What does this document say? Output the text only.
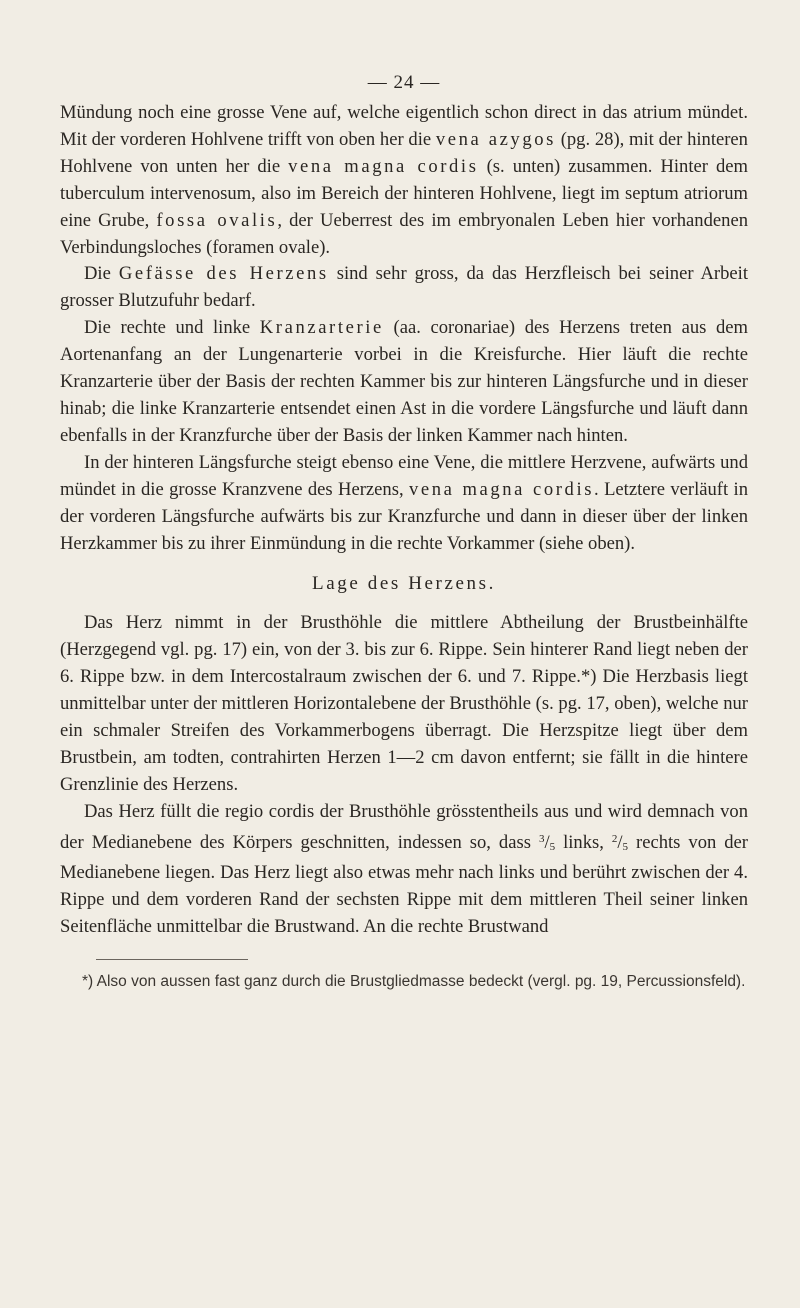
— 24 —

Mündung noch eine grosse Vene auf, welche eigentlich schon direct in das atrium mündet. Mit der vorderen Hohlvene trifft von oben her die vena azygos (pg. 28), mit der hinteren Hohlvene von unten her die vena magna cordis (s. unten) zusammen. Hinter dem tuberculum intervenosum, also im Bereich der hinteren Hohlvene, liegt im septum atriorum eine Grube, fossa ovalis, der Ueberrest des im embryonalen Leben hier vorhandenen Verbindungsloches (foramen ovale).

Die Gefässe des Herzens sind sehr gross, da das Herzfleisch bei seiner Arbeit grosser Blutzufuhr bedarf.

Die rechte und linke Kranzarterie (aa. coronariae) des Herzens treten aus dem Aortenanfang an der Lungenarterie vorbei in die Kreisfurche. Hier läuft die rechte Kranzarterie über der Basis der rechten Kammer bis zur hinteren Längsfurche und in dieser hinab; die linke Kranzarterie entsendet einen Ast in die vordere Längsfurche und läuft dann ebenfalls in der Kranzfurche über der Basis der linken Kammer nach hinten.

In der hinteren Längsfurche steigt ebenso eine Vene, die mittlere Herzvene, aufwärts und mündet in die grosse Kranzvene des Herzens, vena magna cordis. Letztere verläuft in der vorderen Längsfurche aufwärts bis zur Kranzfurche und dann in dieser über der linken Herzkammer bis zu ihrer Einmündung in die rechte Vorkammer (siehe oben).

Lage des Herzens.

Das Herz nimmt in der Brusthöhle die mittlere Abtheilung der Brustbeinhälfte (Herzgegend vgl. pg. 17) ein, von der 3. bis zur 6. Rippe. Sein hinterer Rand liegt neben der 6. Rippe bzw. in dem Intercostalraum zwischen der 6. und 7. Rippe.*) Die Herzbasis liegt unmittelbar unter der mittleren Horizontalebene der Brusthöhle (s. pg. 17, oben), welche nur ein schmaler Streifen des Vorkammerbogens überragt. Die Herzspitze liegt über dem Brustbein, am todten, contrahirten Herzen 1—2 cm davon entfernt; sie fällt in die hintere Grenzlinie des Herzens.

Das Herz füllt die regio cordis der Brusthöhle grösstentheils aus und wird demnach von der Medianebene des Körpers geschnitten, indessen so, dass $^3/_5$ links, $^2/_5$ rechts von der Medianebene liegen. Das Herz liegt also etwas mehr nach links und berührt zwischen der 4. Rippe und dem vorderen Rand der sechsten Rippe mit dem mittleren Theil seiner linken Seitenfläche unmittelbar die Brustwand. An die rechte Brustwand

*) Also von aussen fast ganz durch die Brustgliedmasse bedeckt (vergl. pg. 19, Percussionsfeld).
